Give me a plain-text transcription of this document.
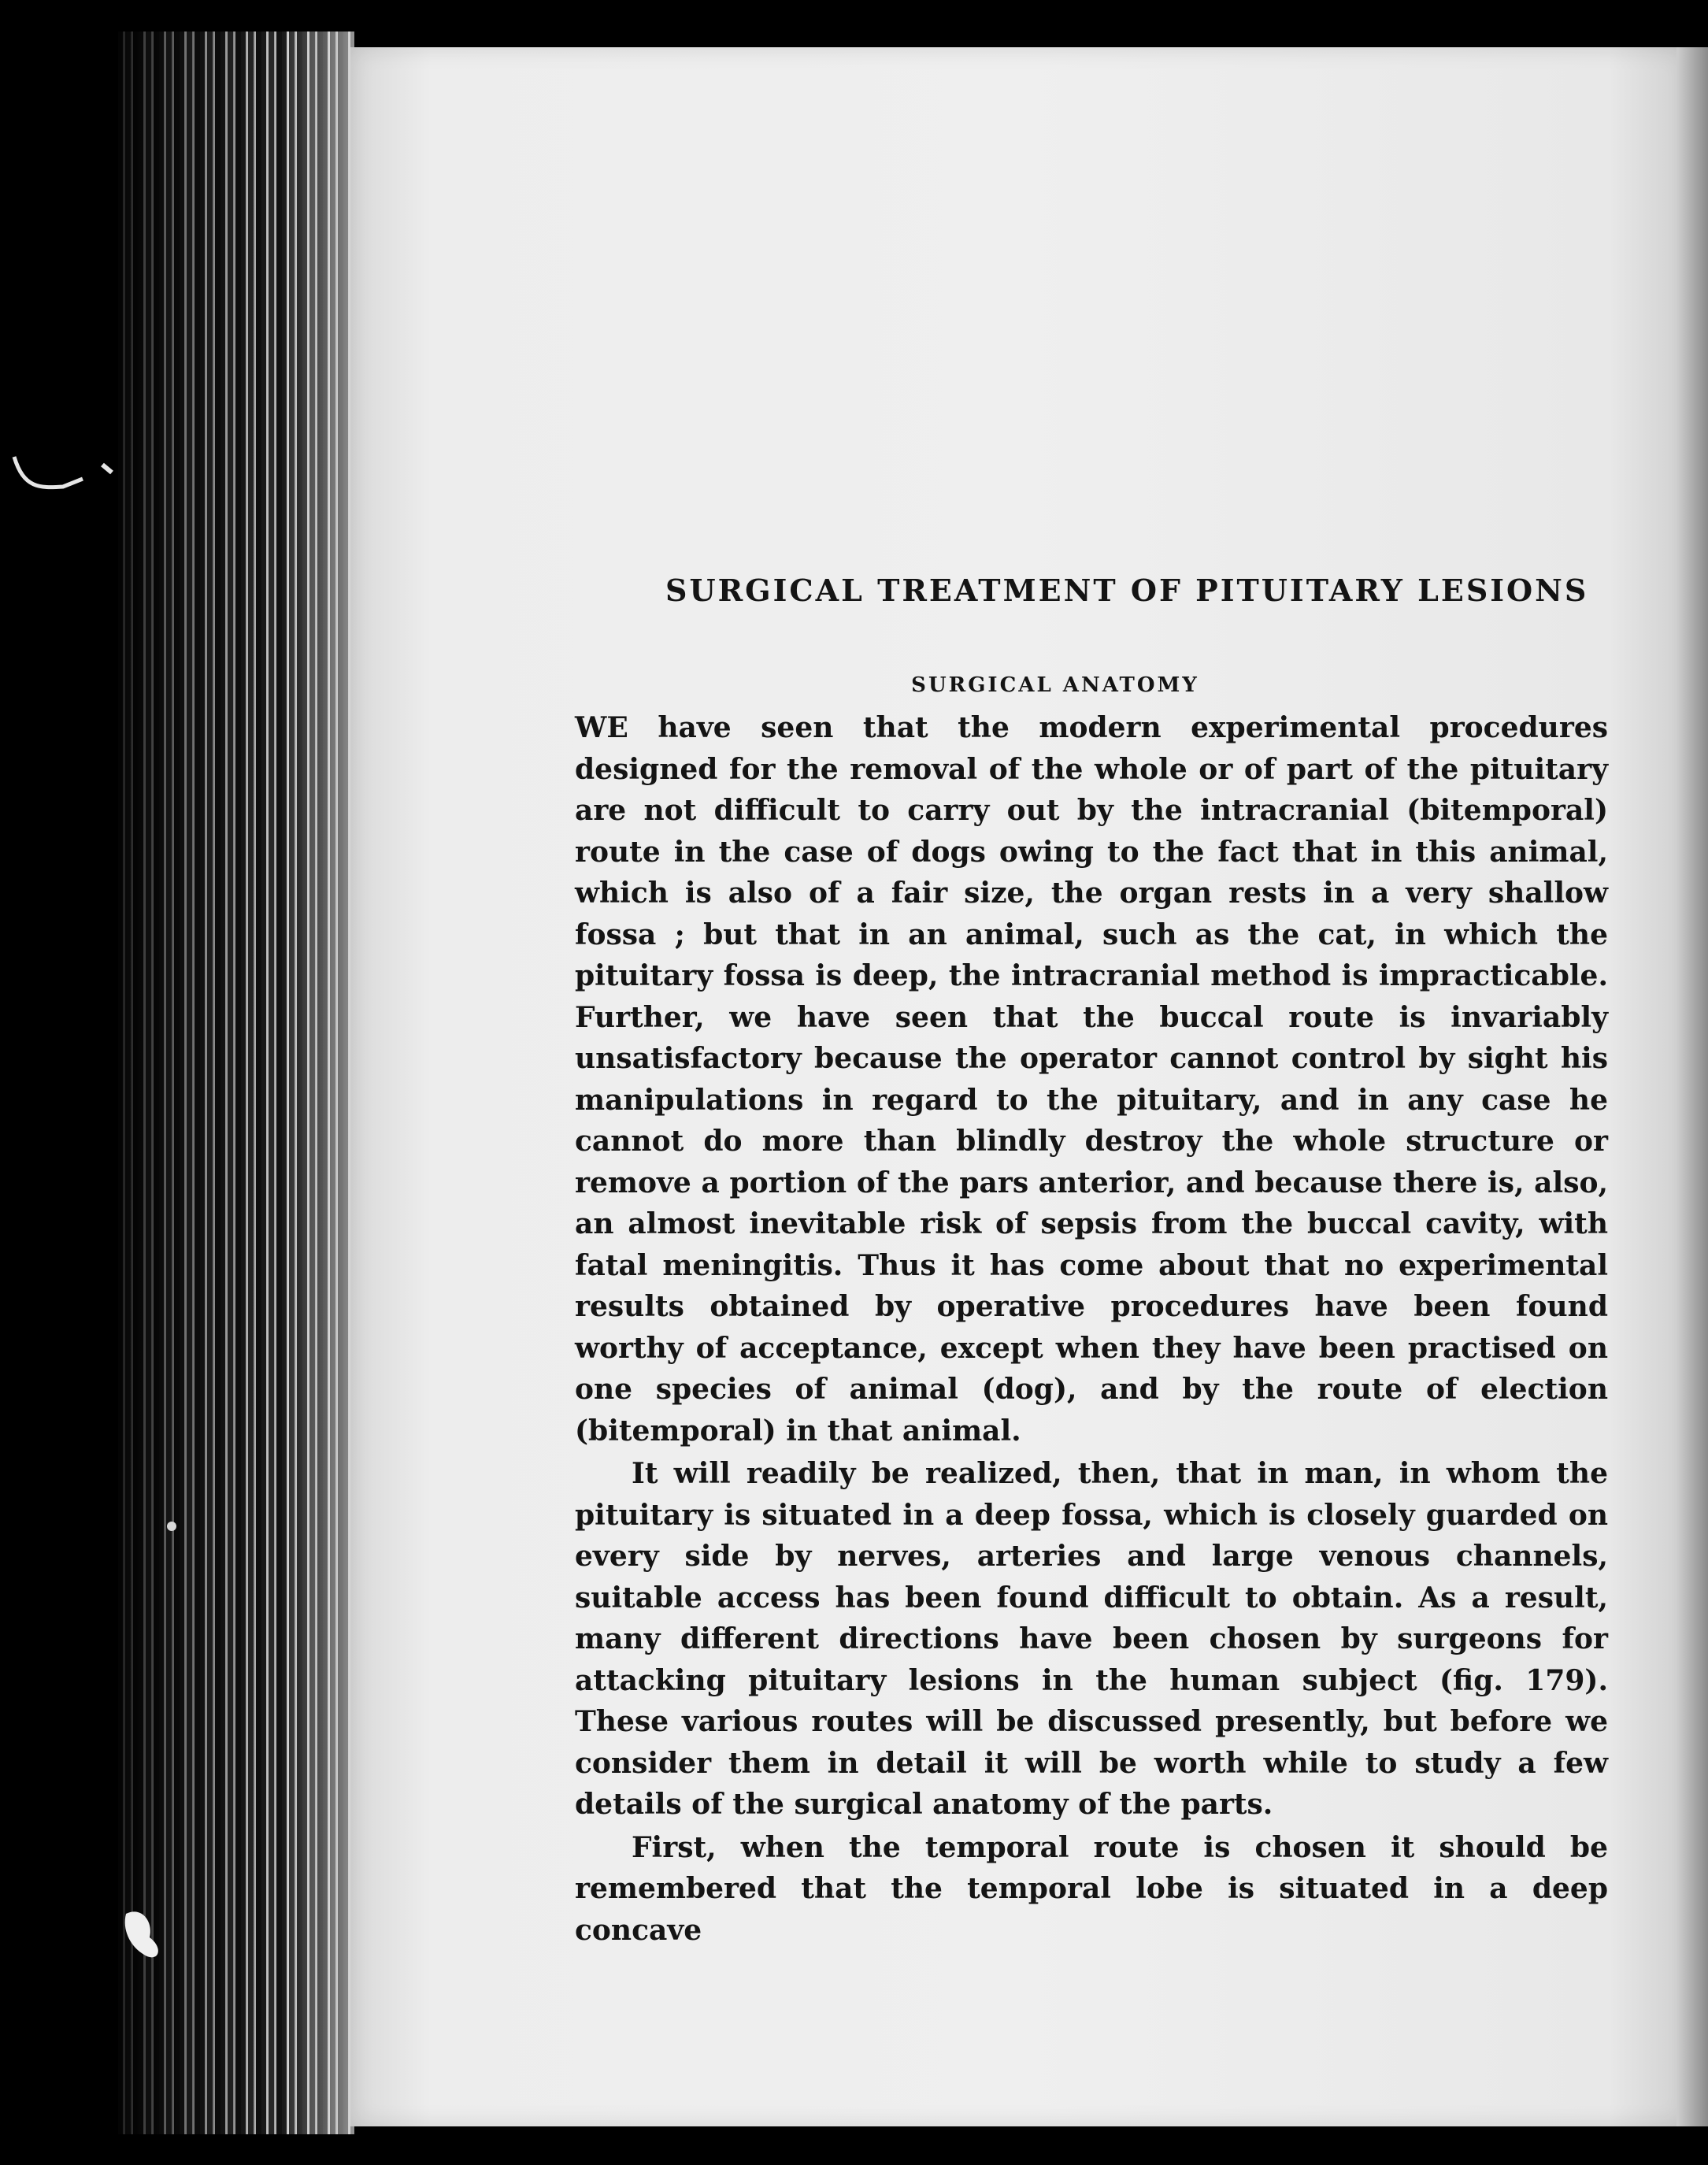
SURGICAL TREATMENT OF PITUITARY LESIONS
SURGICAL ANATOMY

WE have seen that the modern experimental procedures designed for the removal of the whole or of part of the pituitary are not difficult to carry out by the intracranial (bitemporal) route in the case of dogs owing to the fact that in this animal, which is also of a fair size, the organ rests in a very shallow fossa ; but that in an animal, such as the cat, in which the pituitary fossa is deep, the intracranial method is impracticable. Further, we have seen that the buccal route is invariably unsatisfactory because the operator cannot control by sight his manipulations in regard to the pituitary, and in any case he cannot do more than blindly destroy the whole structure or remove a portion of the pars anterior, and because there is, also, an almost inevitable risk of sepsis from the buccal cavity, with fatal meningitis. Thus it has come about that no experimental results obtained by operative procedures have been found worthy of acceptance, except when they have been practised on one species of animal (dog), and by the route of election (bitemporal) in that animal.

It will readily be realized, then, that in man, in whom the pituitary is situated in a deep fossa, which is closely guarded on every side by nerves, arteries and large venous channels, suitable access has been found difficult to obtain. As a result, many different directions have been chosen by surgeons for attacking pituitary lesions in the human subject (fig. 179). These various routes will be discussed presently, but before we consider them in detail it will be worth while to study a few details of the surgical anatomy of the parts.

First, when the temporal route is chosen it should be remembered that the temporal lobe is situated in a deep concave
